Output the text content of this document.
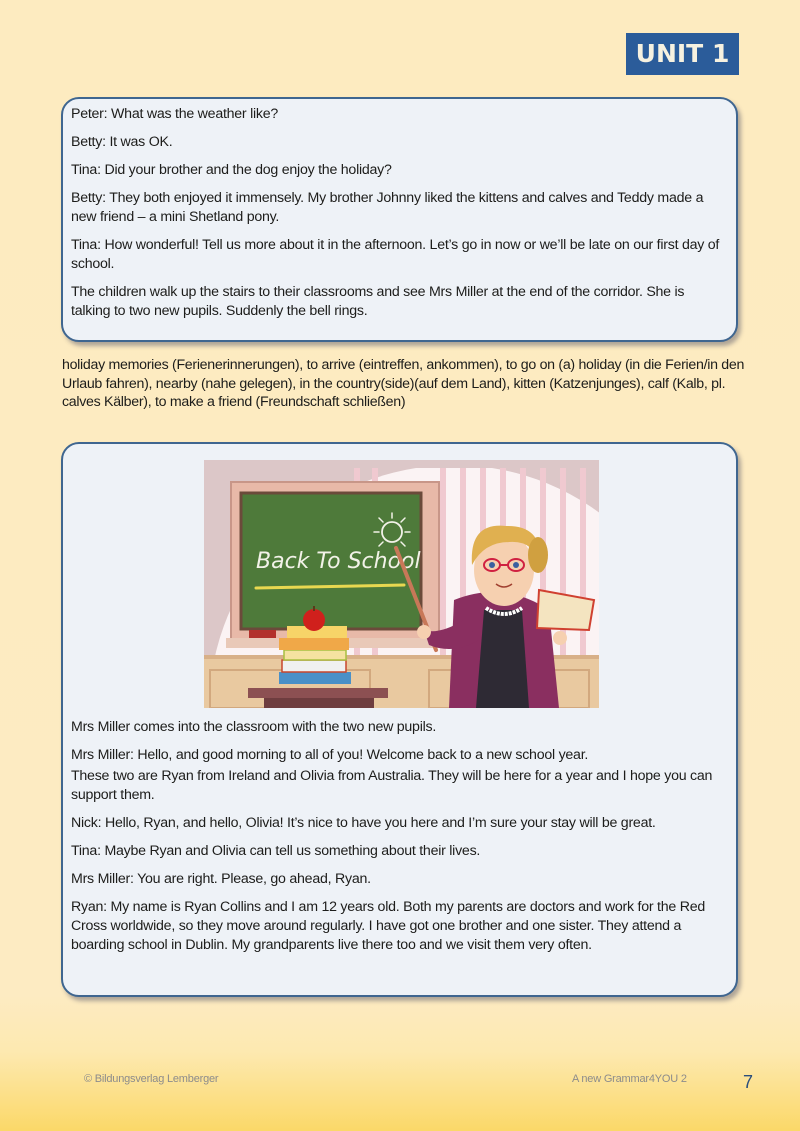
UNIT 1

Peter: What was the weather like?

Betty: It was OK.

Tina: Did your brother and the dog enjoy the holiday?

Betty: They both enjoyed it immensely. My brother Johnny liked the kittens and calves and Teddy made a new friend – a mini Shetland pony.

Tina: How wonderful! Tell us more about it in the afternoon. Let’s go in now or we’ll be late on our first day of school.

The children walk up the stairs to their classrooms and see Mrs Miller at the end of the corridor. She is talking to two new pupils. Suddenly the bell rings.

holiday memories (Ferienerinnerungen), to arrive (eintreffen, ankommen), to go on (a) holiday (in die Ferien/in den Urlaub fahren), nearby (nahe gelegen), in the country(side)(auf dem Land), kitten (Katzenjunges), calf (Kalb, pl. calves Kälber), to make a friend (Freundschaft schließen)

Back To School

Mrs Miller comes into the classroom with the two new pupils.

Mrs Miller: Hello, and good morning to all of you! Welcome back to a new school year.

These two are Ryan from Ireland and Olivia from Australia. They will be here for a year and I hope you can support them.

Nick: Hello, Ryan, and hello, Olivia! It’s nice to have you here and I’m sure your stay will be great.

Tina: Maybe Ryan and Olivia can tell us something about their lives.

Mrs Miller: You are right. Please, go ahead, Ryan.

Ryan: My name is Ryan Collins and I am 12 years old. Both my parents are doctors and work for the Red Cross worldwide, so they move around regularly. I have got one brother and one sister. They attend a boarding school in Dublin. My grandparents live there too and we visit them very often.

© Bildungsverlag Lemberger	A new Grammar4YOU 2	7
